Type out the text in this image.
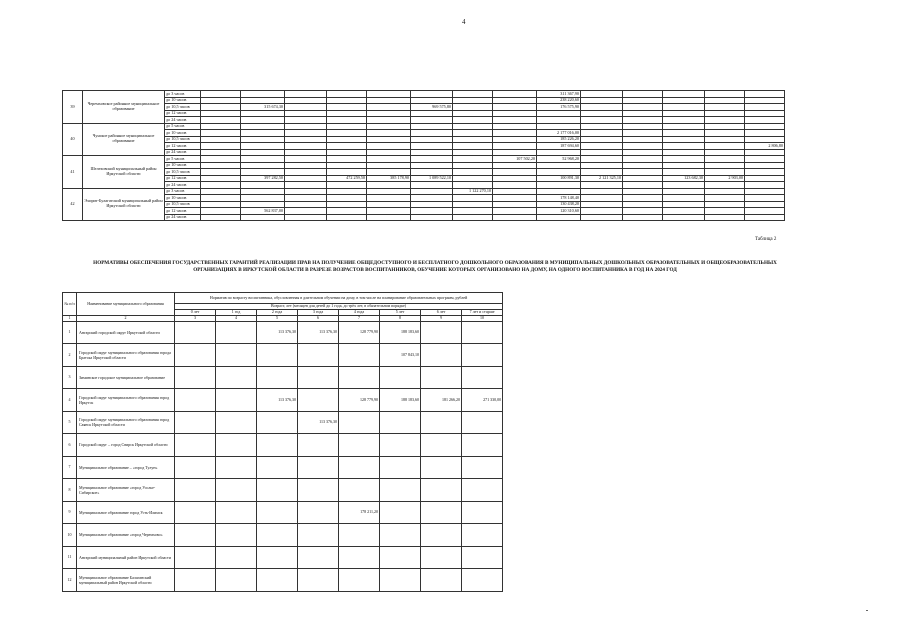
4
39	Черемховское районное муниципальное образование	до 3 часов									311 367,90						
		до 10 часов									238 220,60						
		до 10,5 часов		315 674,30				969 575,80			176 575,90						
		до 12 часов															
		до 24 часов															
40	Чунское районное муниципальное образование	до 5 часов															
		до 10 часов									2 177 016,00						
		до 10,5 часов									185 226,20						
		до 12 часов									187 694,60					2 806,80	
		до 24 часов															
41	Шелеховский муниципальный район Иркутской области	до 5 часов								107 502,20	52 968,20						
		до 10 часов															
		до 10,5 часов															
		до 12 часов		397 282,50		472 259,50	385 178,90	1 089 522,10			100 891,30	2 121 325,10		123 682,30	2 903,00		
		до 24 часов															
42	Эхирит-Булагатский муниципальный район Иркутской области	до 3 часов							1 122 270,10								
		до 10 часов									178 148,40						
		до 10,5 часов									130 438,20						
		до 12 часов		562 837,00							120 310,60						
		до 24 часов															
Таблица 2
НОРМАТИВЫ ОБЕСПЕЧЕНИЯ ГОСУДАРСТВЕННЫХ ГАРАНТИЙ РЕАЛИЗАЦИИ ПРАВ НА ПОЛУЧЕНИЕ ОБЩЕДОСТУПНОГО И БЕСПЛАТНОГО ДОШКОЛЬНОГО ОБРАЗОВАНИЯ В МУНИЦИПАЛЬНЫХ ДОШКОЛЬНЫХ ОБРАЗОВАТЕЛЬНЫХ И ОБЩЕОБРАЗОВАТЕЛЬНЫХ ОРГАНИЗАЦИЯХ В ИРКУТСКОЙ ОБЛАСТИ В РАЗРЕЗЕ ВОЗРАСТОВ ВОСПИТАННИКОВ, ОБУЧЕНИЕ КОТОРЫХ ОРГАНИЗОВАНО НА ДОМУ, НА ОДНОГО ВОСПИТАННИКА В ГОД НА 2024 ГОД
№ п/п	Наименование муниципального образования	Норматив по возрасту воспитанника, обусловленная в длительном обучении на дому, в том числе на планирование образовательных программ, рублей							
		Возраст, лет (месяцев для детей до 1 года, до трёх лет, в обязательном порядке)							
		0 лет	1 год	2 года	3 года	4 года	5 лет	6 лет	7 лет и старше
1	2	3	4	5	6	7	8	9	10
1	Ангарский городской округ Иркутской области			113 376,30	113 376,30	128 779,90	188 183,60		
2	Городской округ муниципального образования города Братска Иркутской области						107 843,10		
3	Зиминское городское муниципальное образование								
4	Городской округ муниципального образования город Иркутск			113 376,30		128 779,90	188 183,60	181 266,20	271 330,00
5	Городской округ муниципального образования город Саянск Иркутской области				113 376,30				
6	Городской округ – город Свирск Иркутской области								
7	Муниципальное образование – «город Тулун»								
8	Муниципальное образование «город Усолье-Сибирское»								
9	Муниципальное образование город Усть-Илимск					178 211,20			
10	Муниципальное образование «город Черемхово»								
11	Ангарский муниципальный район Иркутской области								
12	Муниципальное образование Балаганский муниципальный район Иркутской области								
